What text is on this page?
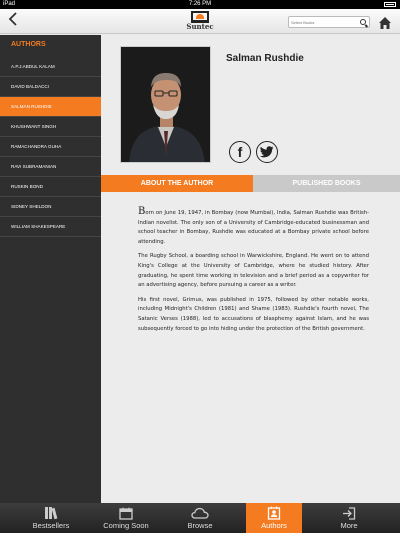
iPad	7:26 PM
Suntec
Select Books
AUTHORS
A.P.J.ABDUL KALAM
DAVID BALDACCI
SALMAN RUSHDIE
KHUSHWANT SINGH
RAMACHANDRA GUHA
RAVI SUBRAMANIAN
RUSKIN BOND
SIDNEY SHELDON
WILLIAM SHAKESPEARE
Salman Rushdie
f
ABOUT THE AUTHOR	PUBLISHED BOOKS

Born on June 19, 1947, in Bombay (now Mumbai), India, Salman Rushdie was British-Indian novelist. The only son of a University of Cambridge-educated businessman and school teacher in Bombay, Rushdie was educated at a Bombay private school before attending.

The Rugby School, a boarding school in Warwickshire, England. He went on to attend King's College at the University of Cambridge, where he studied history. After graduating, he spent time working in television and a brief period as a copywriter for an advertising agency, before pursuing a career as a writer.

His first novel, Grimus, was published in 1975, followed by other notable works, including Midnight's Children (1981) and Shame (1983). Rushdie's fourth novel, The Satanic Verses (1988), led to accusations of blasphemy against Islam, and he was subsequently forced to go into hiding under the protection of the British government.

Bestsellers	Coming Soon	Browse	Authors	More
